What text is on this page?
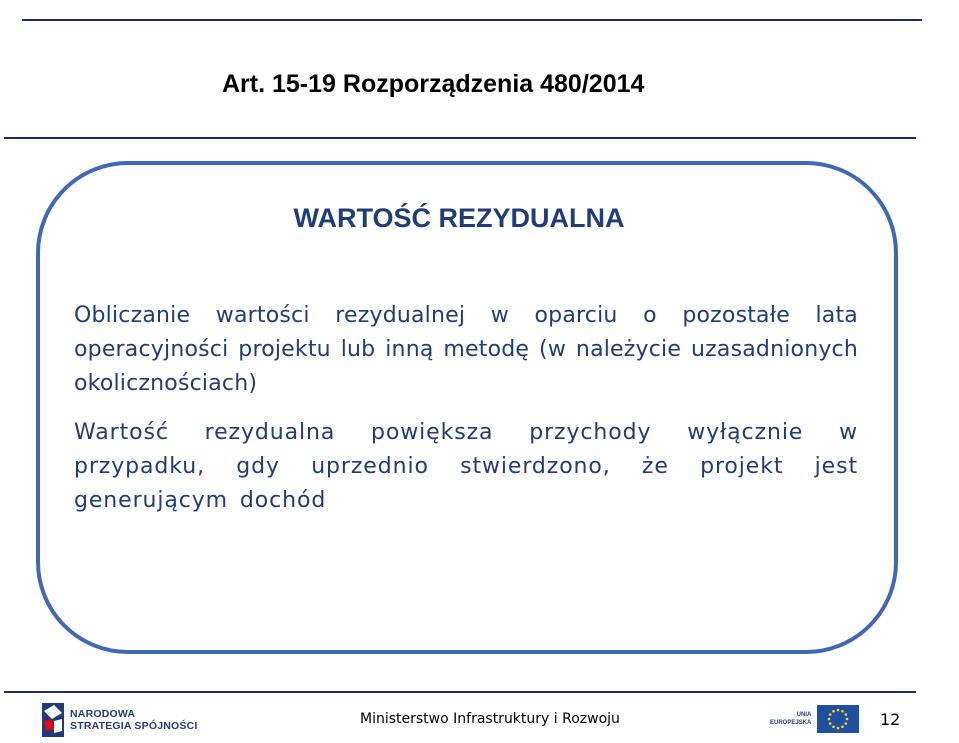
Art. 15-19 Rozporządzenia 480/2014
WARTOŚĆ REZYDUALNA
Obliczanie wartości rezydualnej w oparciu o pozostałe lata operacyjności projektu lub inną metodę (w należycie uzasadnionych okolicznościach)
Wartość rezydualna powiększa przychody wyłącznie w przypadku, gdy uprzednio stwierdzono, że projekt jest generującym dochód
NARODOWA
STRATEGIA SPÓJNOŚCI	Ministerstwo Infrastruktury i Rozwoju	UNIA
EUROPEJSKA	12
